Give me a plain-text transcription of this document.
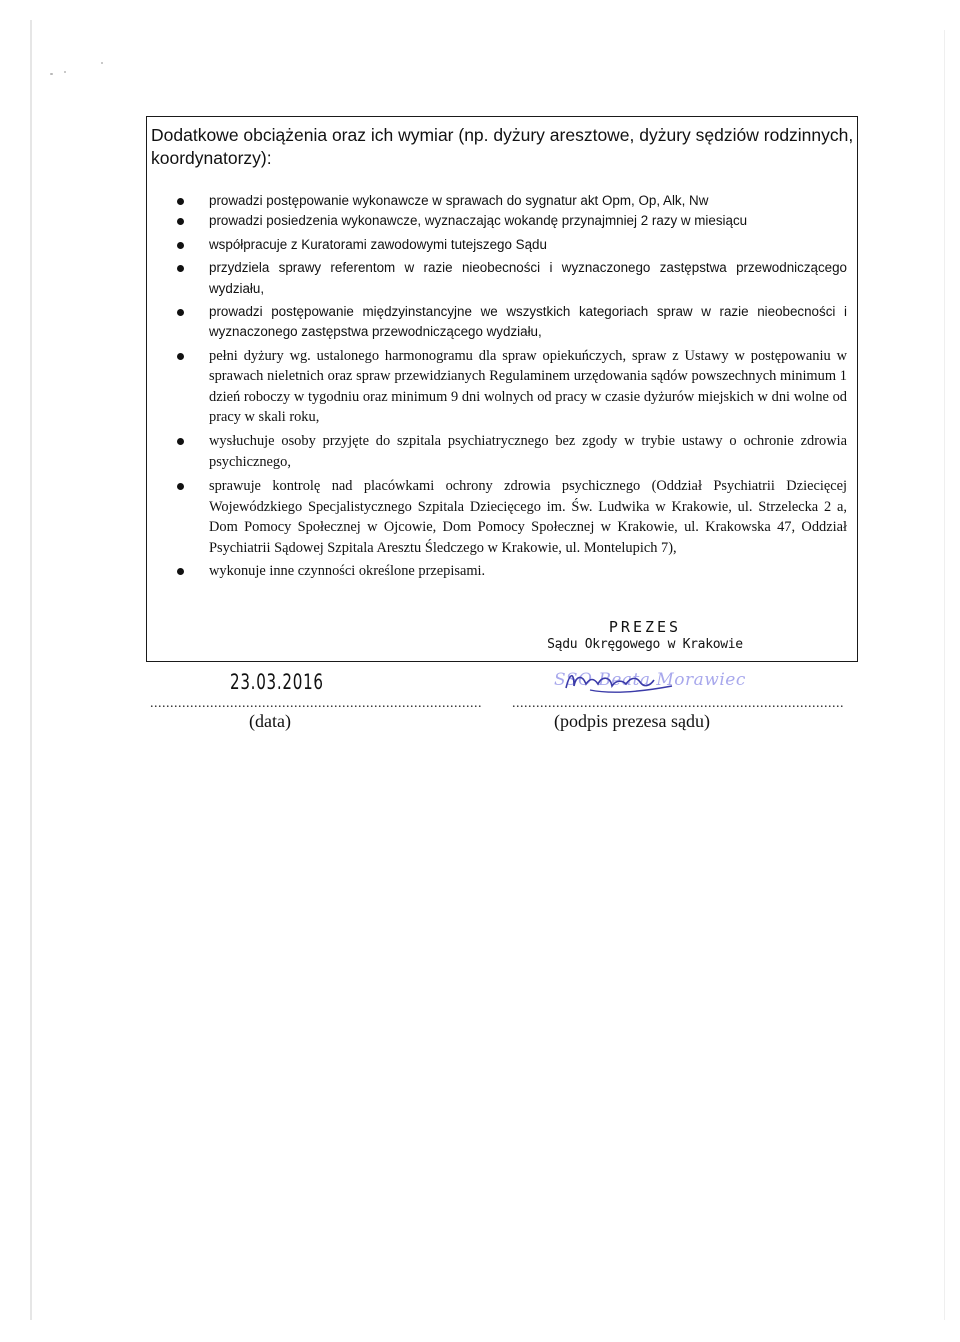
Dodatkowe obciążenia oraz ich wymiar (np. dyżury aresztowe, dyżury sędziów rodzinnych, koordynatorzy):

prowadzi postępowanie wykonawcze w sprawach do sygnatur akt Opm, Op, Alk, Nw
prowadzi posiedzenia wykonawcze, wyznaczając wokandę przynajmniej 2 razy w miesiącu
współpracuje z Kuratorami zawodowymi tutejszego Sądu
przydziela sprawy referentom w razie nieobecności i wyznaczonego zastępstwa przewodniczącego wydziału,
prowadzi postępowanie międzyinstancyjne we wszystkich kategoriach spraw w razie nieobecności i wyznaczonego zastępstwa przewodniczącego wydziału,
pełni dyżury wg. ustalonego harmonogramu dla spraw opiekuńczych, spraw z Ustawy w postępowaniu w sprawach nieletnich oraz spraw przewidzianych Regulaminem urzędowania sądów powszechnych minimum 1 dzień roboczy w tygodniu oraz minimum 9 dni wolnych od pracy w czasie dyżurów miejskich w dni wolne od pracy w skali roku,
wysłuchuje osoby przyjęte do szpitala psychiatrycznego bez zgody w trybie ustawy o ochronie zdrowia psychicznego,
sprawuje kontrolę nad placówkami ochrony zdrowia psychicznego (Oddział Psychiatrii Dziecięcej Wojewódzkiego Specjalistycznego Szpitala Dziecięcego im. Św. Ludwika w Krakowie, ul. Strzelecka 2 a, Dom Pomocy Społecznej w Ojcowie, Dom Pomocy Społecznej w Krakowie, ul. Krakowska 47, Oddział Psychiatrii Sądowej Szpitala Aresztu Śledczego w Krakowie, ul. Montelupich 7),
wykonuje inne czynności określone przepisami.
PREZES
Sądu Okręgowego w Krakowie
SSO Beata Morawiec
23.03.2016
................................................................................... ...................................................................................
(data)	(podpis prezesa sądu)
